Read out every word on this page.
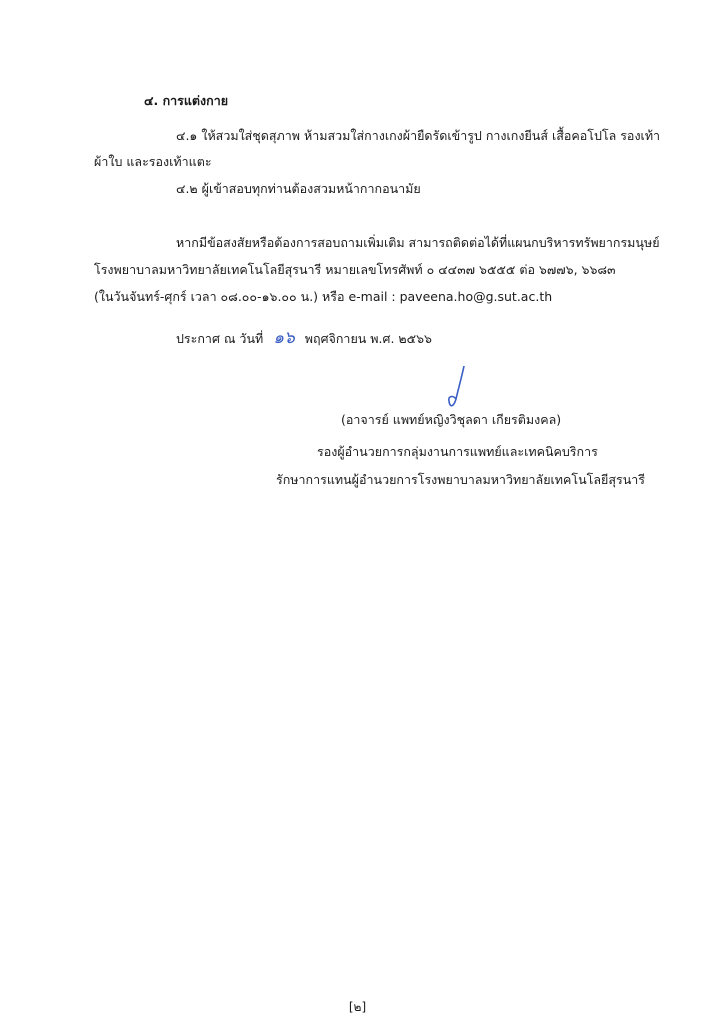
๔. การแต่งกาย
๔.๑ ให้สวมใส่ชุดสุภาพ ห้ามสวมใส่กางเกงผ้ายืดรัดเข้ารูป กางเกงยีนส์ เสื้อคอโปโล รองเท้า
ผ้าใบ และรองเท้าแตะ
๔.๒ ผู้เข้าสอบทุกท่านต้องสวมหน้ากากอนามัย
หากมีข้อสงสัยหรือต้องการสอบถามเพิ่มเติม สามารถติดต่อได้ที่แผนกบริหารทรัพยากรมนุษย์
โรงพยาบาลมหาวิทยาลัยเทคโนโลยีสุรนารี หมายเลขโทรศัพท์ ๐ ๔๔๓๗ ๖๕๕๕ ต่อ ๖๗๗๖, ๖๖๘๓
(ในวันจันทร์-ศุกร์ เวลา ๐๘.๐๐-๑๖.๐๐ น.) หรือ e-mail : paveena.ho@g.sut.ac.th
ประกาศ ณ วันที่ ๑๖ พฤศจิกายน พ.ศ. ๒๕๖๖
(อาจารย์ แพทย์หญิงวิชุลดา เกียรติมงคล)
รองผู้อำนวยการกลุ่มงานการแพทย์และเทคนิคบริการ
รักษาการแทนผู้อำนวยการโรงพยาบาลมหาวิทยาลัยเทคโนโลยีสุรนารี
[๒]
